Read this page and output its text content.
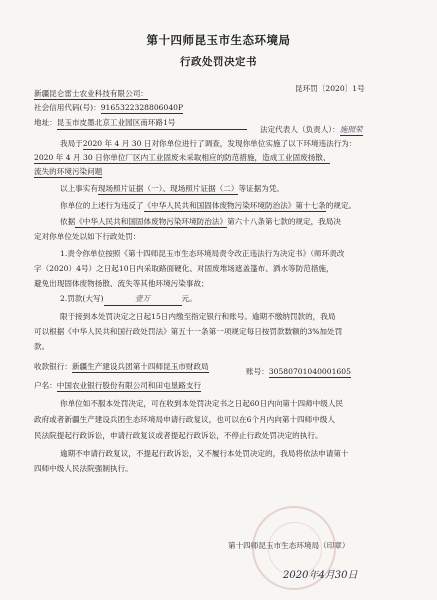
第十四师昆玉市生态环境局
行政处罚决定书
昆环罚〔2020〕1号
新疆昆仑雷士农业科技有限公司：
社会信用代码(号)：91653223288060​40P
地址：昆玉市皮墨北京工业园区南环路1号
法定代表人（负责人）：施照荣
我局于2020 年 4 月 30 日对你单位进行了调查，发现你单位实施了以下环境违法行为：
2020 年 4 月 30 日你单位厂区内工业固废未采取相应的防范措施，造成工业固废扬散、
流失的环境污染问题
以上事实有现场照片证据（一）、现场照片证据（二）等证据为凭。
你单位的上述行为违反了《中华人民共和国固体废物污染环境防治法》第十七条的规定。
依据《中华人民共和国固体废物污染环境防治法》第六十八条第七款的规定，我局决
定对你单位处以如下行政处罚：
1.责令你单位按照《第十四师昆玉市生态环境局责令改正违法行为决定书》（师环责改
字（2020）4号）之日起10日内采取路面硬化、对固废堆场遮盖篷布、洒水等防范措施，
避免出现固体废物扬散、流失等其他环境污染事故；
2.罚款(大写)	壹万	元。
限于接到本处罚决定之日起15日内缴至指定银行和账号。逾期不缴纳罚款的，我局
可以根据《中华人民共和国行政处罚法》第五十一条第一项规定每日按罚款数额的3%加处罚
款。
收款银行：新疆生产建设兵团第十四师昆玉市财政局
户名：中国农业银行股份有限公司和田屯垦路支行
账号：30580701040001605
你单位如不服本处罚决定，可在收到本处罚决定书之日起60日内向第十四师中级人民
政府或者新疆生产建设兵团生态环境局申请行政复议，也可以在6个月内向第十四师中级人
民法院提起行政诉讼，申请行政复议或者提起行政诉讼，不停止行政处罚决定的执行。
逾期不申请行政复议，不提起行政诉讼，又不履行本处罚决定的，我局将依法申请第十
四师中级人民法院强制执行。
第十四师昆玉市生态环境局（印章）
2020年4月30日
